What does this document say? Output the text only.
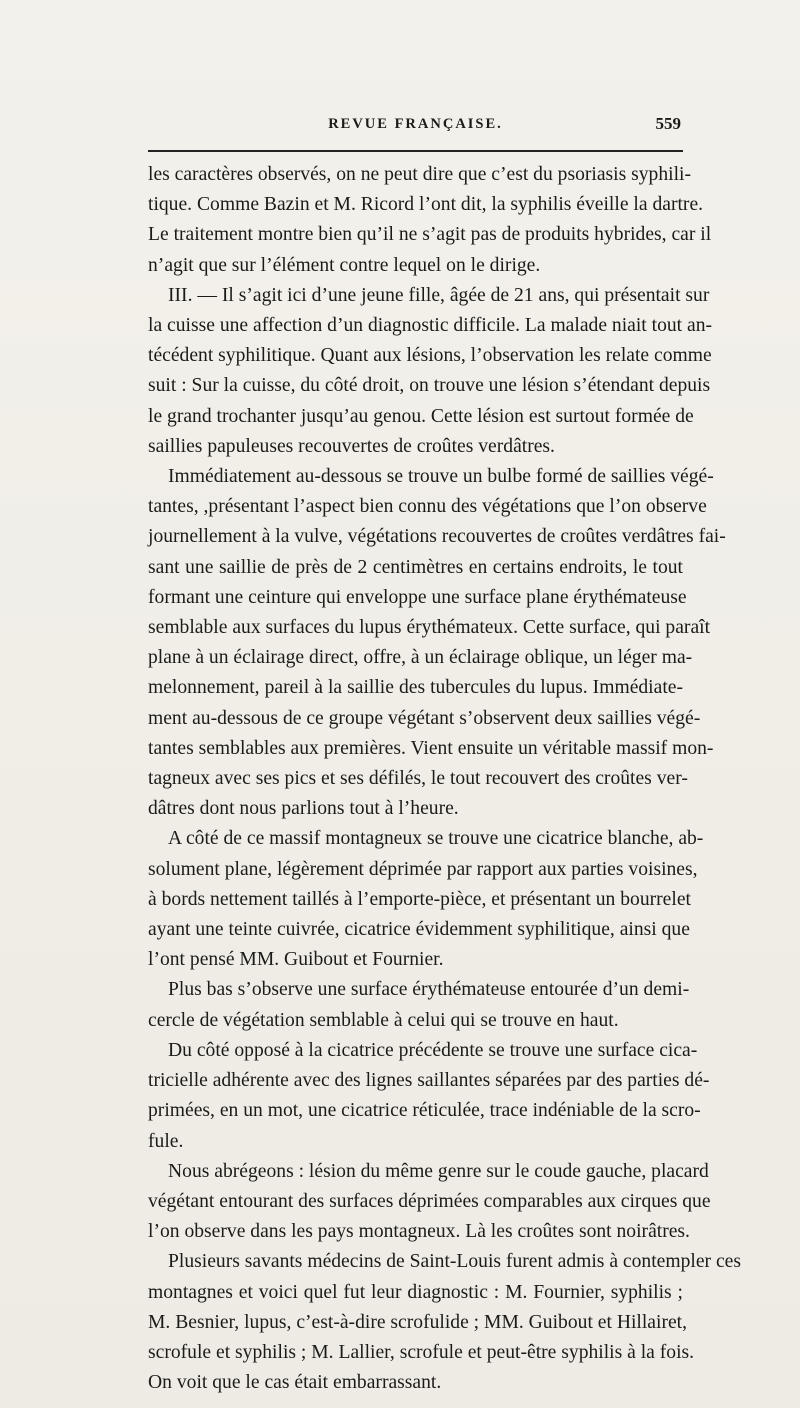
REVUE FRANÇAISE.	559
les caractères observés, on ne peut dire que c’est du psoriasis syphili-
tique. Comme Bazin et M. Ricord l’ont dit, la syphilis éveille la dartre.
Le traitement montre bien qu’il ne s’agit pas de produits hybrides, car il
n’agit que sur l’élément contre lequel on le dirige.
III. — Il s’agit ici d’une jeune fille, âgée de 21 ans, qui présentait sur
la cuisse une affection d’un diagnostic difficile. La malade niait tout an-
técédent syphilitique. Quant aux lésions, l’observation les relate comme
suit : Sur la cuisse, du côté droit, on trouve une lésion s’étendant depuis
le grand trochanter jusqu’au genou. Cette lésion est surtout formée de
saillies papuleuses recouvertes de croûtes verdâtres.
Immédiatement au-dessous se trouve un bulbe formé de saillies végé-
tantes, ,présentant l’aspect bien connu des végétations que l’on observe
journellement à la vulve, végétations recouvertes de croûtes verdâtres fai-
sant une saillie de près de 2 centimètres en certains endroits, le tout
formant une ceinture qui enveloppe une surface plane érythémateuse
semblable aux surfaces du lupus érythémateux. Cette surface, qui paraît
plane à un éclairage direct, offre, à un éclairage oblique, un léger ma-
melonnement, pareil à la saillie des tubercules du lupus. Immédiate-
ment au-dessous de ce groupe végétant s’observent deux saillies végé-
tantes semblables aux premières. Vient ensuite un véritable massif mon-
tagneux avec ses pics et ses défilés, le tout recouvert des croûtes ver-
dâtres dont nous parlions tout à l’heure.
A côté de ce massif montagneux se trouve une cicatrice blanche, ab-
solument plane, légèrement déprimée par rapport aux parties voisines,
à bords nettement taillés à l’emporte-pièce, et présentant un bourrelet
ayant une teinte cuivrée, cicatrice évidemment syphilitique, ainsi que
l’ont pensé MM. Guibout et Fournier.
Plus bas s’observe une surface érythémateuse entourée d’un demi-
cercle de végétation semblable à celui qui se trouve en haut.
Du côté opposé à la cicatrice précédente se trouve une surface cica-
tricielle adhérente avec des lignes saillantes séparées par des parties dé-
primées, en un mot, une cicatrice réticulée, trace indéniable de la scro-
fule.
Nous abrégeons : lésion du même genre sur le coude gauche, placard
végétant entourant des surfaces déprimées comparables aux cirques que
l’on observe dans les pays montagneux. Là les croûtes sont noirâtres.
Plusieurs savants médecins de Saint-Louis furent admis à contempler ces
montagnes et voici quel fut leur diagnostic : M. Fournier, syphilis ;
M. Besnier, lupus, c’est-à-dire scrofulide ; MM. Guibout et Hillairet,
scrofule et syphilis ; M. Lallier, scrofule et peut-être syphilis à la fois.
On voit que le cas était embarrassant.
